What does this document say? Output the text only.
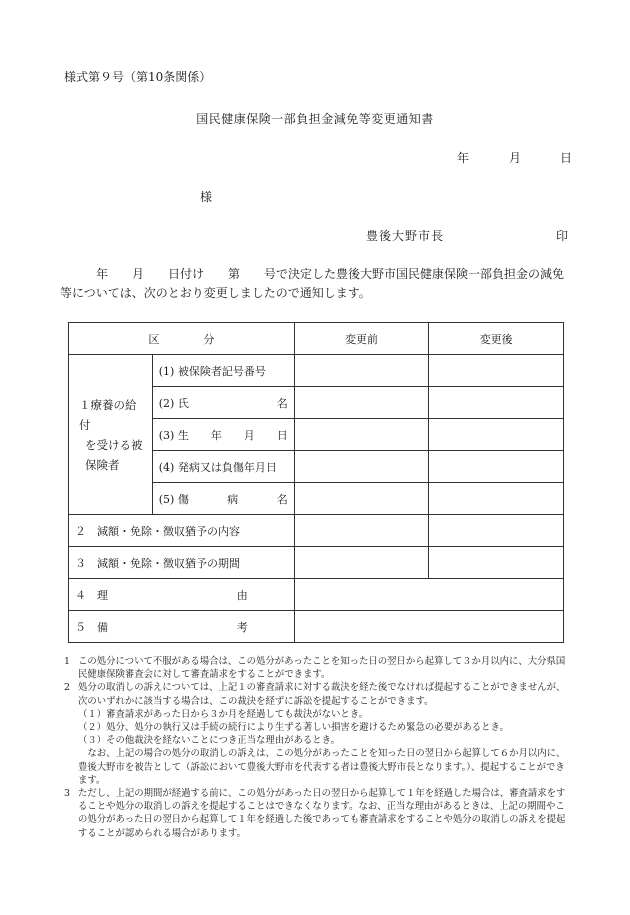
様式第９号（第10条関係）
国民健康保険一部負担金減免等変更通知書
年	月	日
様
豊後大野市長	印
年　　月　　日付け　　第　　号で決定した豊後大野市国民健康保険一部負担金の減免等については、次のとおり変更しましたので通知します。
区　　　　分		変更前	変更後

１療養の給付
を受ける被
保険者	(1) 被保険者記号番号		

	(2) 氏 名		

	(3) 生 年 月 日		

	(4) 発病又は負傷年月日		

	(5) 傷 病 名		

２　減額・免除・徴収猶予の内容			
３　減額・免除・徴収猶予の期間			

４　理 由			

５　備 考			

1 この処分について不服がある場合は、この処分があったことを知った日の翌日から起算して３か月以内に、大分県国民健康保険審査会に対して審査請求をすることができます。
2 処分の取消しの訴えについては、上記１の審査請求に対する裁決を経た後でなければ提起することができませんが、次のいずれかに該当する場合は、この裁決を経ずに訴訟を提起することができます。
（１）審査請求があった日から３か月を経過しても裁決がないとき。
（２）処分、処分の執行又は手続の続行により生ずる著しい損害を避けるため緊急の必要があるとき。
（３）その他裁決を経ないことにつき正当な理由があるとき。
なお、上記の場合の処分の取消しの訴えは、この処分があったことを知った日の翌日から起算して６か月以内に、豊後大野市を被告として（訴訟において豊後大野市を代表する者は豊後大野市長となります。）、提起することができます。
3 ただし、上記の期間が経過する前に、この処分があった日の翌日から起算して１年を経過した場合は、審査請求をすることや処分の取消しの訴えを提起することはできなくなります。なお、正当な理由があるときは、上記の期間やこの処分があった日の翌日から起算して１年を経過した後であっても審査請求をすることや処分の取消しの訴えを提起することが認められる場合があります。
